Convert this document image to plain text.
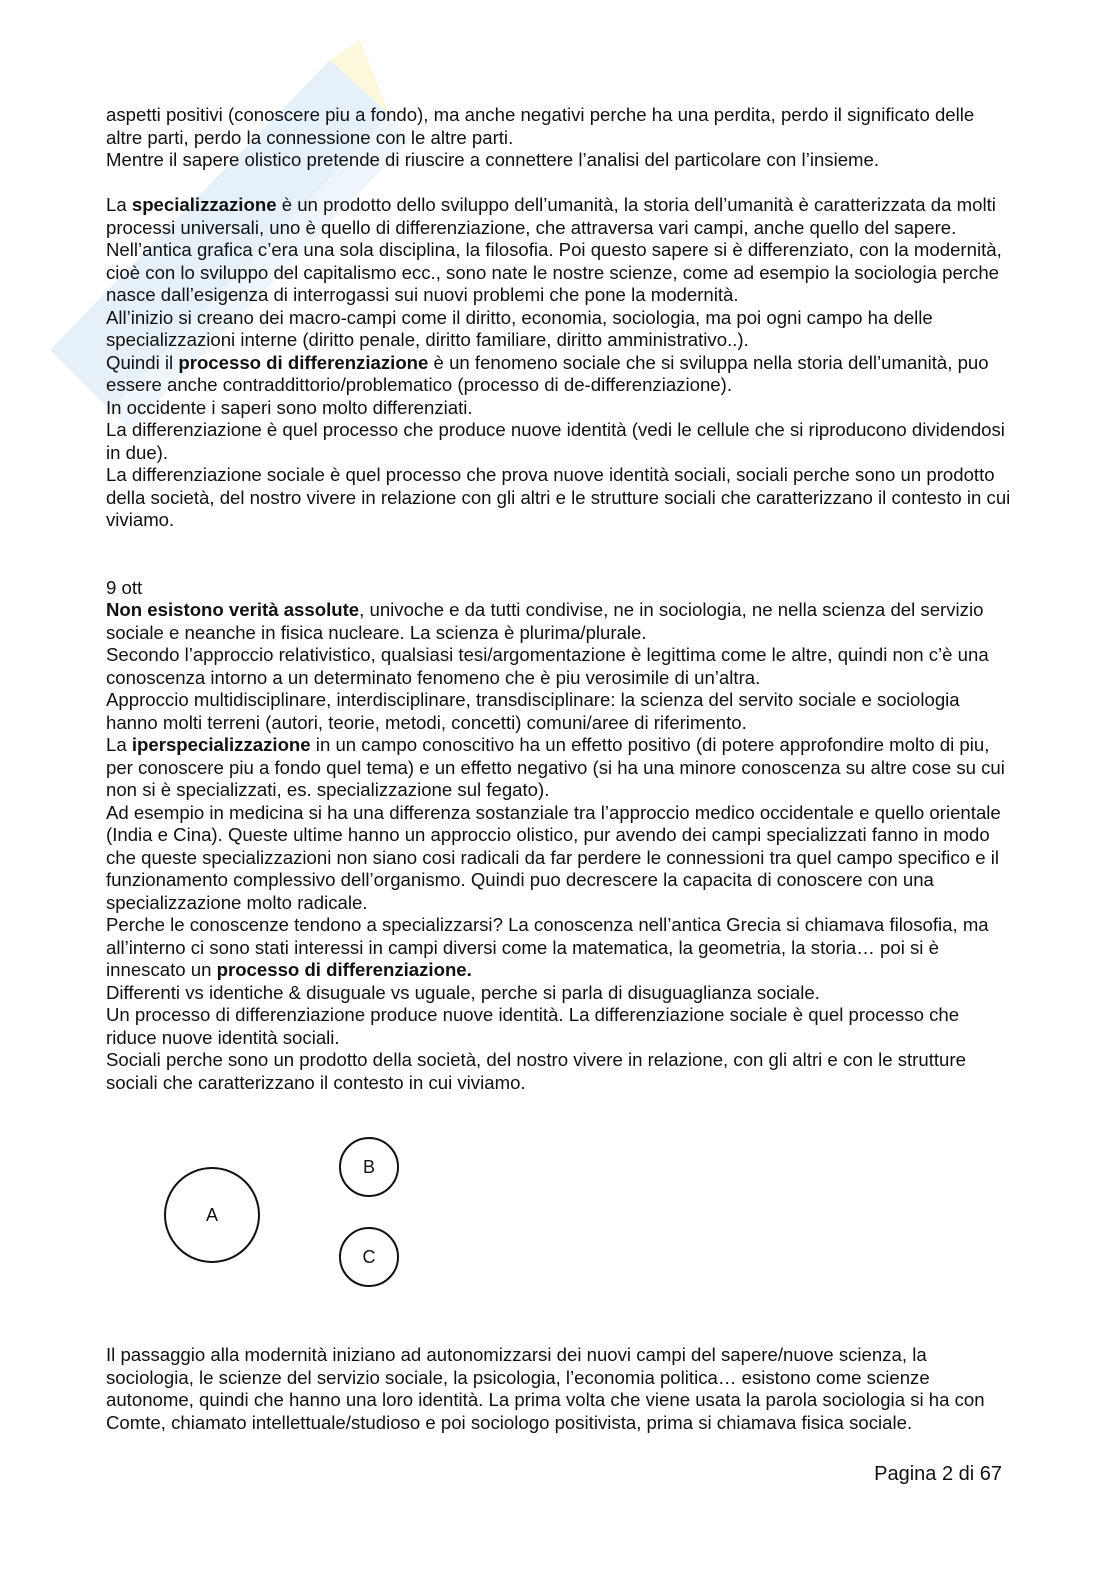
aspetti positivi (conoscere piu a fondo), ma anche negativi perche ha una perdita, perdo il significato delle altre parti, perdo la connessione con le altre parti.

Mentre il sapere olistico pretende di riuscire a connettere l’analisi del particolare con l’insieme.

La specializzazione è un prodotto dello sviluppo dell’umanità, la storia dell’umanità è caratterizzata da molti processi universali, uno è quello di differenziazione, che attraversa vari campi, anche quello del sapere. Nell’antica grafica c’era una sola disciplina, la filosofia. Poi questo sapere si è differenziato, con la modernità, cioè con lo sviluppo del capitalismo ecc., sono nate le nostre scienze, come ad esempio la sociologia perche nasce dall’esigenza di interrogassi sui nuovi problemi che pone la modernità.

All’inizio si creano dei macro-campi come il diritto, economia, sociologia, ma poi ogni campo ha delle specializzazioni interne (diritto penale, diritto familiare, diritto amministrativo..).

Quindi il processo di differenziazione è un fenomeno sociale che si sviluppa nella storia dell’umanità, puo essere anche contraddittorio/problematico (processo di de-differenziazione).

In occidente i saperi sono molto differenziati.

La differenziazione è quel processo che produce nuove identità (vedi le cellule che si riproducono dividendosi in due).

La differenziazione sociale è quel processo che prova nuove identità sociali, sociali perche sono un prodotto della società, del nostro vivere in relazione con gli altri e le strutture sociali che caratterizzano il contesto in cui viviamo.

9 ott

Non esistono verità assolute, univoche e da tutti condivise, ne in sociologia, ne nella scienza del servizio sociale e neanche in fisica nucleare. La scienza è plurima/plurale.

Secondo l’approccio relativistico, qualsiasi tesi/argomentazione è legittima come le altre, quindi non c’è una conoscenza intorno a un determinato fenomeno che è piu verosimile di un’altra.

Approccio multidisciplinare, interdisciplinare, transdisciplinare: la scienza del servito sociale e sociologia hanno molti terreni (autori, teorie, metodi, concetti) comuni/aree di riferimento.

La iperspecializzazione in un campo conoscitivo ha un effetto positivo (di potere approfondire molto di piu, per conoscere piu a fondo quel tema) e un effetto negativo (si ha una minore conoscenza su altre cose su cui non si è specializzati, es. specializzazione sul fegato).

Ad esempio in medicina si ha una differenza sostanziale tra l’approccio medico occidentale e quello orientale (India e Cina). Queste ultime hanno un approccio olistico, pur avendo dei campi specializzati fanno in modo che queste specializzazioni non siano cosi radicali da far perdere le connessioni tra quel campo specifico e il funzionamento complessivo dell’organismo. Quindi puo decrescere la capacita di conoscere con una specializzazione molto radicale.

Perche le conoscenze tendono a specializzarsi? La conoscenza nell’antica Grecia si chiamava filosofia, ma all’interno ci sono stati interessi in campi diversi come la matematica, la geometria, la storia… poi si è innescato un processo di differenziazione.

Differenti vs identiche & disuguale vs uguale, perche si parla di disuguaglianza sociale.

Un processo di differenziazione produce nuove identità. La differenziazione sociale è quel processo che riduce nuove identità sociali.

Sociali perche sono un prodotto della società, del nostro vivere in relazione, con gli altri e con le strutture sociali che caratterizzano il contesto in cui viviamo.

A
B
C

Il passaggio alla modernità iniziano ad autonomizzarsi dei nuovi campi del sapere/nuove scienza, la sociologia, le scienze del servizio sociale, la psicologia, l’economia politica… esistono come scienze autonome, quindi che hanno una loro identità. La prima volta che viene usata la parola sociologia si ha con Comte, chiamato intellettuale/studioso e poi sociologo positivista, prima si chiamava fisica sociale.

Pagina 2 di 67
